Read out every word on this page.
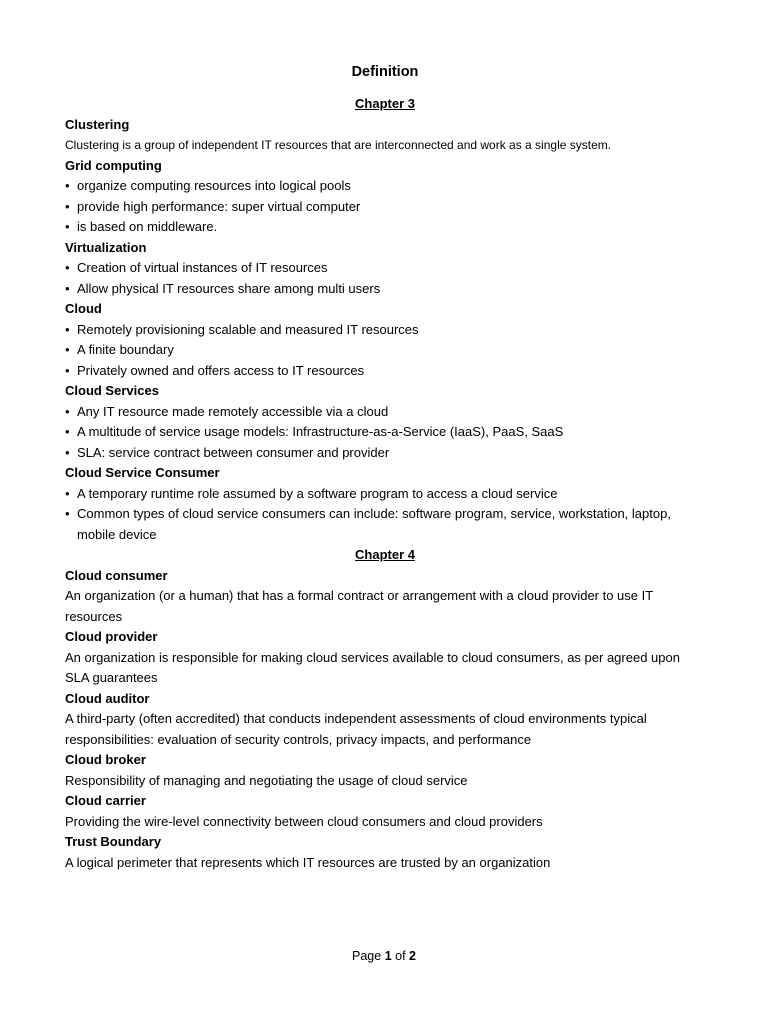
Definition
Chapter 3
Clustering
Clustering is a group of independent IT resources that are interconnected and work as a single system.
Grid computing
• organize computing resources into logical pools
• provide high performance: super virtual computer
• is based on middleware.
Virtualization
• Creation of virtual instances of IT resources
• Allow physical IT resources share among multi users
Cloud
• Remotely provisioning scalable and measured IT resources
• A finite boundary
• Privately owned and offers access to IT resources
Cloud Services
• Any IT resource made remotely accessible via a cloud
• A multitude of service usage models: Infrastructure-as-a-Service (IaaS), PaaS, SaaS
• SLA: service contract between consumer and provider
Cloud Service Consumer
• A temporary runtime role assumed by a software program to access a cloud service
• Common types of cloud service consumers can include: software program, service, workstation, laptop, mobile device
Chapter 4
Cloud consumer
An organization (or a human) that has a formal contract or arrangement with a cloud provider to use IT resources
Cloud provider
An organization is responsible for making cloud services available to cloud consumers, as per agreed upon SLA guarantees
Cloud auditor
A third-party (often accredited) that conducts independent assessments of cloud environments typical responsibilities: evaluation of security controls, privacy impacts, and performance
Cloud broker
Responsibility of managing and negotiating the usage of cloud service
Cloud carrier
Providing the wire-level connectivity between cloud consumers and cloud providers
Trust Boundary
A logical perimeter that represents which IT resources are trusted by an organization
Page 1 of 2
